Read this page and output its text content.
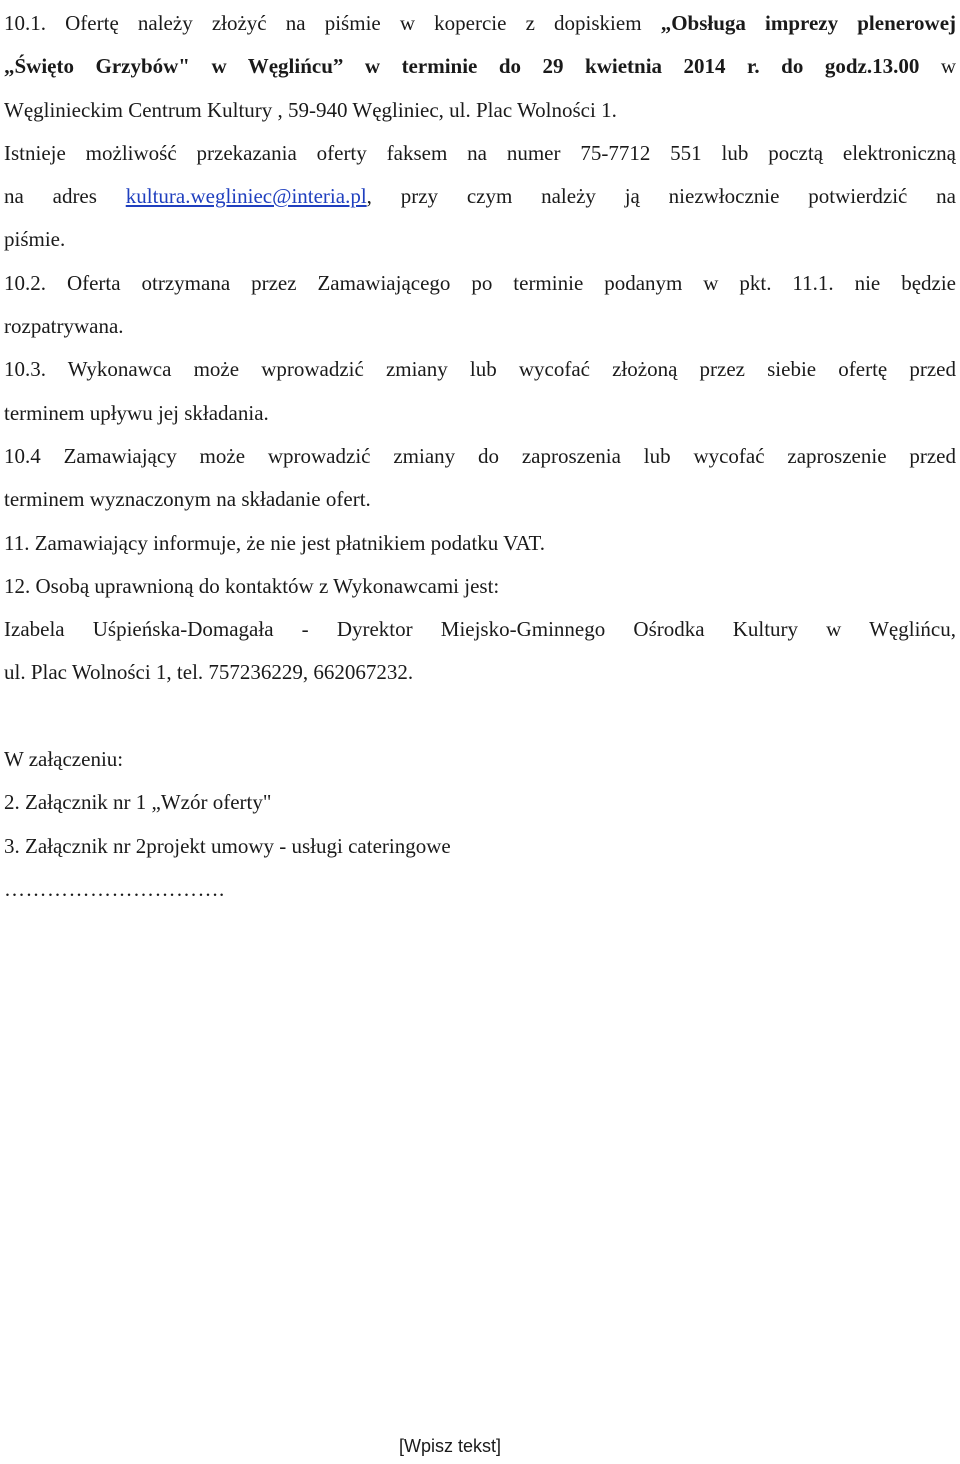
10.1. Ofertę należy złożyć na piśmie w kopercie z dopiskiem „Obsługa imprezy plenerowej
„Święto Grzybów" w Węglińcu” w terminie do 29 kwietnia 2014 r. do godz.13.00 w
Węglinieckim Centrum Kultury , 59-940 Węgliniec, ul. Plac Wolności 1.
Istnieje możliwość przekazania oferty faksem na numer 75-7712 551 lub pocztą elektroniczną
na adres kultura.wegliniec@interia.pl, przy czym należy ją niezwłocznie potwierdzić na
piśmie.
10.2. Oferta otrzymana przez Zamawiającego po terminie podanym w pkt. 11.1. nie będzie
rozpatrywana.
10.3. Wykonawca może wprowadzić zmiany lub wycofać złożoną przez siebie ofertę przed
terminem upływu jej składania.
10.4 Zamawiający może wprowadzić zmiany do zaproszenia lub wycofać zaproszenie przed
terminem wyznaczonym na składanie ofert.
11. Zamawiający informuje, że nie jest płatnikiem podatku VAT.
12. Osobą uprawnioną do kontaktów z Wykonawcami jest:
Izabela Uśpieńska-Domagała - Dyrektor Miejsko-Gminnego Ośrodka Kultury w Węglińcu,
ul. Plac Wolności 1, tel. 757236229, 662067232.
W załączeniu:
2. Załącznik nr 1 „Wzór oferty"
3. Załącznik nr 2projekt umowy - usługi cateringowe
………………………….
[Wpisz tekst]
